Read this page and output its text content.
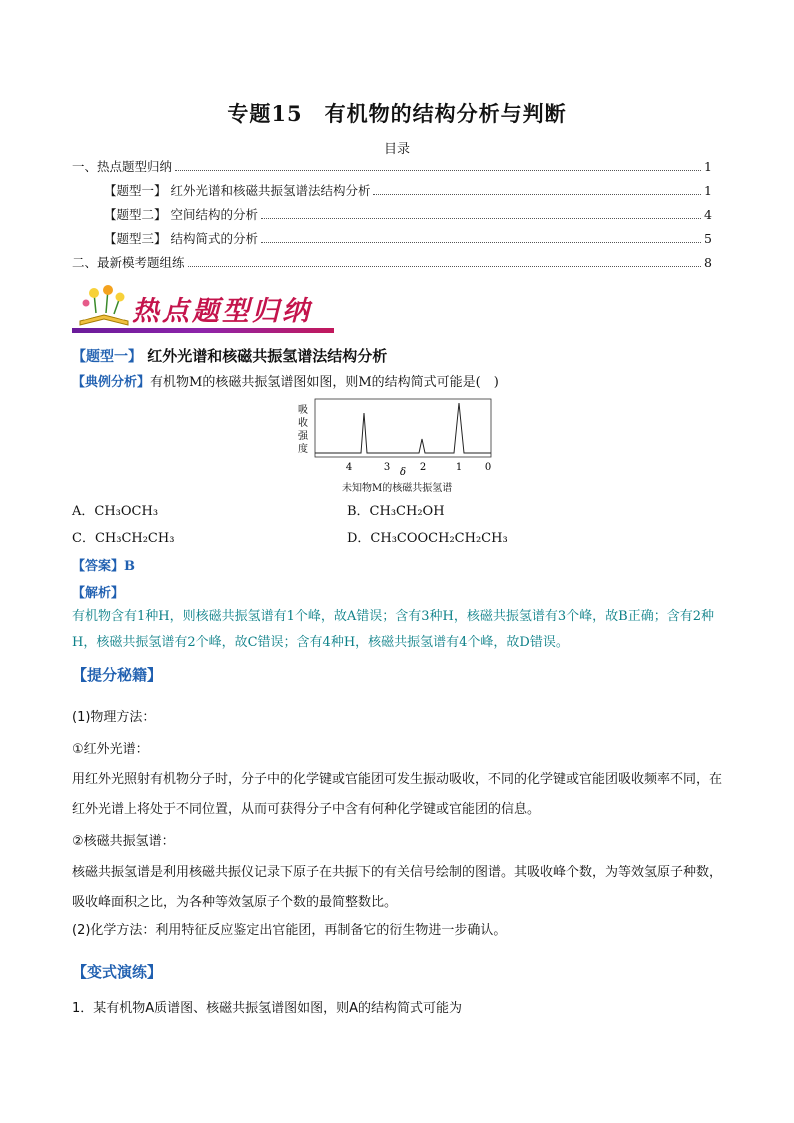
专题15　有机物的结构分析与判断
目录
一、热点题型归纳	1
【题型一】 红外光谱和核磁共振氢谱法结构分析	1
【题型二】 空间结构的分析	4
【题型三】 结构简式的分析	5
二、最新模考题组练	8
热点题型归纳
【题型一】 红外光谱和核磁共振氢谱法结构分析
【典例分析】有机物M的核磁共振氢谱图如图，则M的结构简式可能是(　)
吸
收
强
度
4	3	2	1 0
δ
未知物M的核磁共振氢谱
A．CH₃OCH₃	B．CH₃CH₂OH
C．CH₃CH₂CH₃	D．CH₃COOCH₂CH₂CH₃
【答案】B
【解析】
有机物含有1种H，则核磁共振氢谱有1个峰，故A错误；含有3种H，核磁共振氢谱有3个峰，故B正确；含有2种H，核磁共振氢谱有2个峰，故C错误；含有4种H，核磁共振氢谱有4个峰，故D错误。
【提分秘籍】
(1)物理方法：
①红外光谱：
用红外光照射有机物分子时，分子中的化学键或官能团可发生振动吸收，不同的化学键或官能团吸收频率不同，在红外光谱上将处于不同位置，从而可获得分子中含有何种化学键或官能团的信息。
②核磁共振氢谱：
核磁共振氢谱是利用核磁共振仪记录下原子在共振下的有关信号绘制的图谱。其吸收峰个数，为等效氢原子种数，吸收峰面积之比，为各种等效氢原子个数的最简整数比。
(2)化学方法：利用特征反应鉴定出官能团，再制备它的衍生物进一步确认。
【变式演练】
1．某有机物A质谱图、核磁共振氢谱图如图，则A的结构简式可能为
